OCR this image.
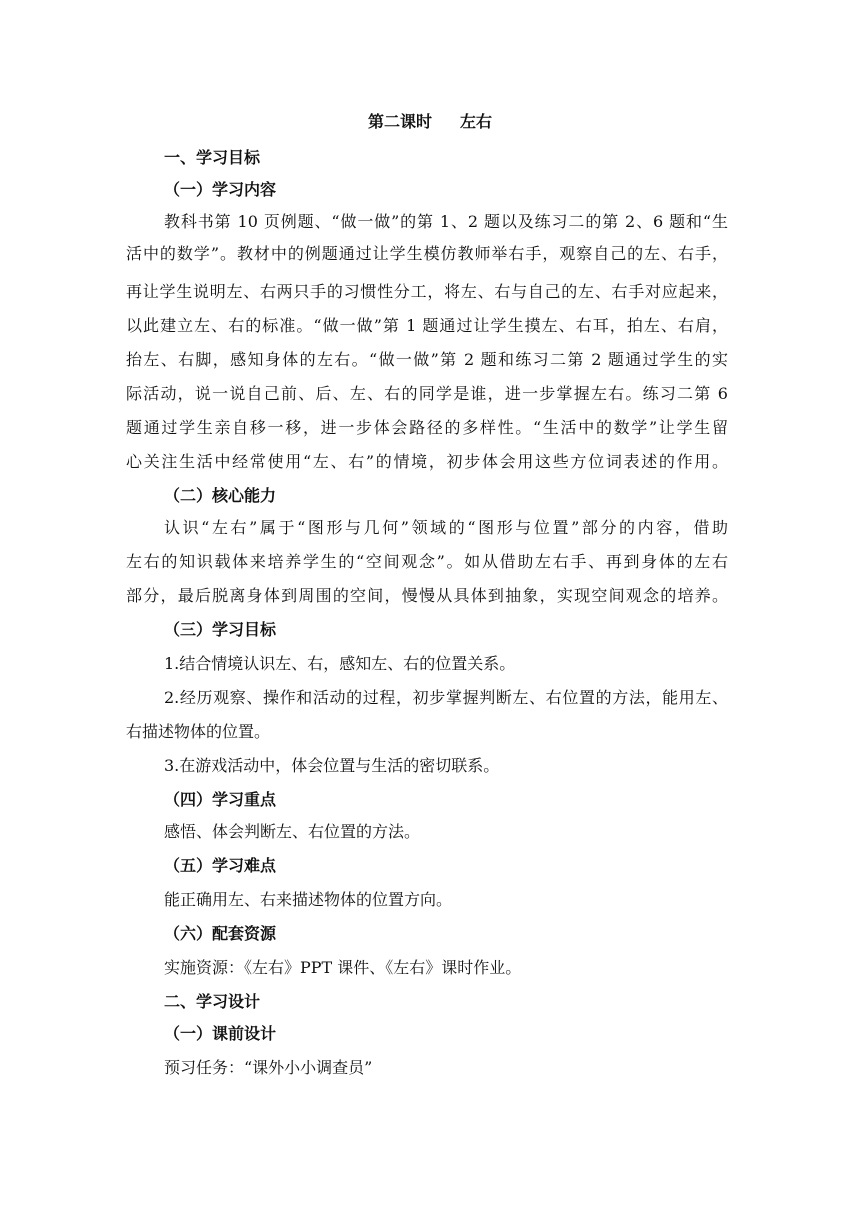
第二课时 左右
一、学习目标
（一）学习内容
教科书第 10 页例题、“做一做”的第 1、2 题以及练习二的第 2、6 题和“生
活中的数学”。教材中的例题通过让学生模仿教师举右手，观察自己的左、右手，
再让学生说明左、右两只手的习惯性分工，将左、右与自己的左、右手对应起来，
以此建立左、右的标准。“做一做”第 1 题通过让学生摸左、右耳，拍左、右肩，
抬左、右脚，感知身体的左右。“做一做”第 2 题和练习二第 2 题通过学生的实
际活动，说一说自己前、后、左、右的同学是谁，进一步掌握左右。练习二第 6
题通过学生亲自移一移，进一步体会路径的多样性。“生活中的数学”让学生留
心关注生活中经常使用“左、右”的情境，初步体会用这些方位词表述的作用。
（二）核心能力
认识“左右”属于“图形与几何”领域的“图形与位置”部分的内容，借助
左右的知识载体来培养学生的“空间观念”。如从借助左右手、再到身体的左右
部分，最后脱离身体到周围的空间，慢慢从具体到抽象，实现空间观念的培养。
（三）学习目标
1.结合情境认识左、右，感知左、右的位置关系。
2.经历观察、操作和活动的过程，初步掌握判断左、右位置的方法，能用左、
右描述物体的位置。
3.在游戏活动中，体会位置与生活的密切联系。
（四）学习重点
感悟、体会判断左、右位置的方法。
（五）学习难点
能正确用左、右来描述物体的位置方向。
（六）配套资源
实施资源：《左右》PPT 课件、《左右》课时作业。
二、学习设计
（一）课前设计
预习任务：“课外小小调查员”
